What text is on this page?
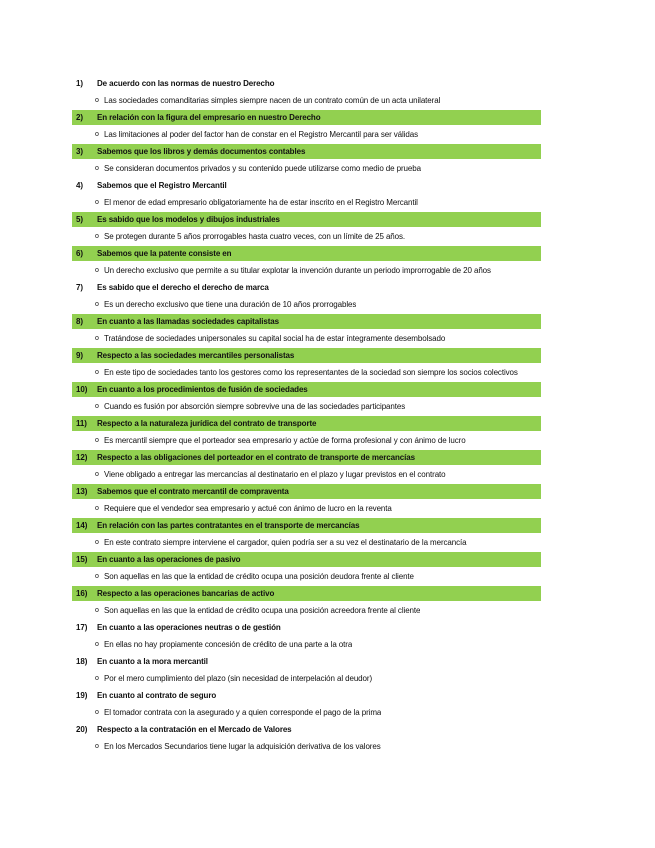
1)	De acuerdo con las normas de nuestro Derecho
o Las sociedades comanditarias simples siempre nacen de un contrato común de un acta unilateral
2)	En relación con la figura del empresario en nuestro Derecho
o Las limitaciones al poder del factor han de constar en el Registro Mercantil para ser válidas
3)	Sabemos que los libros y demás documentos contables
o Se consideran documentos privados y su contenido puede utilizarse como medio de prueba
4)	Sabemos que el Registro Mercantil
o El menor de edad empresario obligatoriamente ha de estar inscrito en el Registro Mercantil
5)	Es sabido que los modelos y dibujos industriales
o Se protegen durante 5 años prorrogables hasta cuatro veces, con un límite de 25 años.
6)	Sabemos que la patente consiste en
o Un derecho exclusivo que permite a su titular explotar la invención durante un periodo improrrogable de 20 años
7)	Es sabido que el derecho el derecho de marca
o Es un derecho exclusivo que tiene una duración de 10 años prorrogables
8)	En cuanto a las llamadas sociedades capitalistas
o Tratándose de sociedades unipersonales su capital social ha de estar íntegramente desembolsado
9)	Respecto a las sociedades mercantiles personalistas
o En este tipo de sociedades tanto los gestores como los representantes de la sociedad son siempre los socios colectivos
10)	En cuanto a los procedimientos de fusión de sociedades
o Cuando es fusión por absorción siempre sobrevive una de las sociedades participantes
11)	Respecto a la naturaleza jurídica del contrato de transporte
o Es mercantil siempre que el porteador sea empresario y actúe de forma profesional y con ánimo de lucro
12)	Respecto a las obligaciones del porteador en el contrato de transporte de mercancías
o Viene obligado a entregar las mercancías al destinatario en el plazo y lugar previstos en el contrato
13)	Sabemos que el contrato mercantil de compraventa
o Requiere que el vendedor sea empresario y actué con ánimo de lucro en la reventa
14)	En relación con las partes contratantes en el transporte de mercancías
o En este contrato siempre interviene el cargador, quien podría ser a su vez el destinatario de la mercancía
15)	En cuanto a las operaciones de pasivo
o Son aquellas en las que la entidad de crédito ocupa una posición deudora frente al cliente
16)	Respecto a las operaciones bancarias de activo
o Son aquellas en las que la entidad de crédito ocupa una posición acreedora frente al cliente
17)	En cuanto a las operaciones neutras o de gestión
o En ellas no hay propiamente concesión de crédito de una parte a la otra
18)	En cuanto a la mora mercantil
o Por el mero cumplimiento del plazo (sin necesidad de interpelación al deudor)
19)	En cuanto al contrato de seguro
o El tomador contrata con la asegurado y a quien corresponde el pago de la prima
20)	Respecto a la contratación en el Mercado de Valores
o En los Mercados Secundarios tiene lugar la adquisición derivativa de los valores
